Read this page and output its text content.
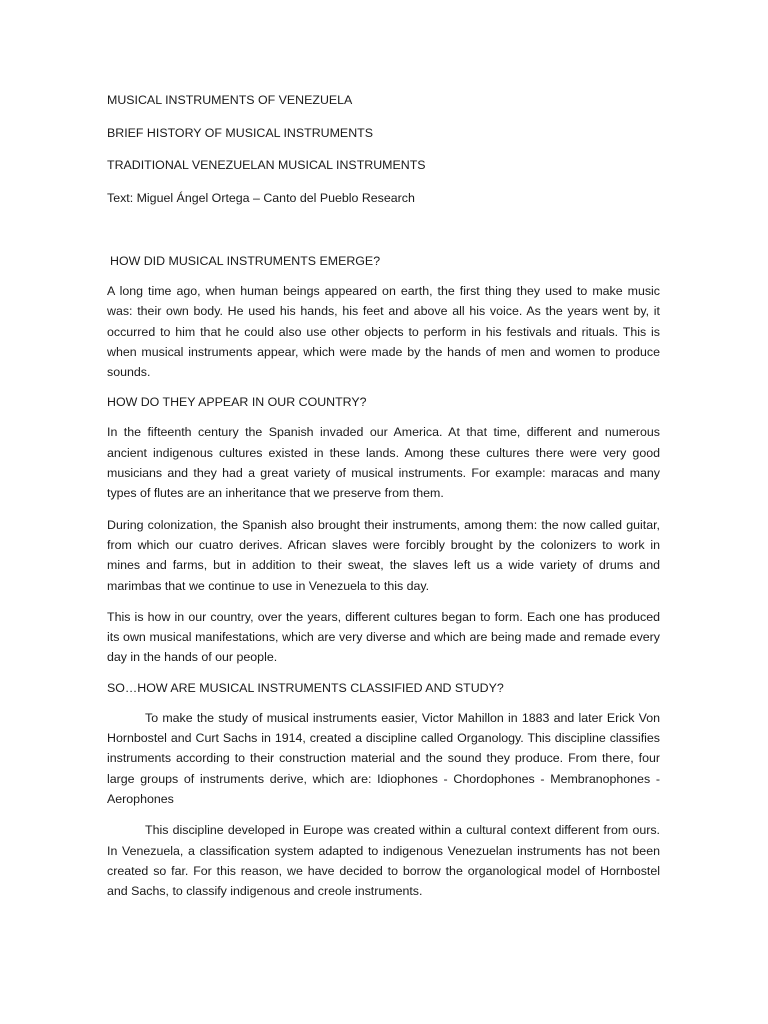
MUSICAL INSTRUMENTS OF VENEZUELA
BRIEF HISTORY OF MUSICAL INSTRUMENTS
TRADITIONAL VENEZUELAN MUSICAL INSTRUMENTS
Text: Miguel Ángel Ortega – Canto del Pueblo Research
HOW DID MUSICAL INSTRUMENTS EMERGE?

A long time ago, when human beings appeared on earth, the first thing they used to make music was: their own body. He used his hands, his feet and above all his voice. As the years went by, it occurred to him that he could also use other objects to perform in his festivals and rituals. This is when musical instruments appear, which were made by the hands of men and women to produce sounds.

HOW DO THEY APPEAR IN OUR COUNTRY?

In the fifteenth century the Spanish invaded our America. At that time, different and numerous ancient indigenous cultures existed in these lands. Among these cultures there were very good musicians and they had a great variety of musical instruments. For example: maracas and many types of flutes are an inheritance that we preserve from them.

During colonization, the Spanish also brought their instruments, among them: the now called guitar, from which our cuatro derives. African slaves were forcibly brought by the colonizers to work in mines and farms, but in addition to their sweat, the slaves left us a wide variety of drums and marimbas that we continue to use in Venezuela to this day.

This is how in our country, over the years, different cultures began to form. Each one has produced its own musical manifestations, which are very diverse and which are being made and remade every day in the hands of our people.

SO…HOW ARE MUSICAL INSTRUMENTS CLASSIFIED AND STUDY?

To make the study of musical instruments easier, Victor Mahillon in 1883 and later Erick Von Hornbostel and Curt Sachs in 1914, created a discipline called Organology. This discipline classifies instruments according to their construction material and the sound they produce. From there, four large groups of instruments derive, which are: Idiophones - Chordophones - Membranophones - Aerophones

This discipline developed in Europe was created within a cultural context different from ours. In Venezuela, a classification system adapted to indigenous Venezuelan instruments has not been created so far. For this reason, we have decided to borrow the organological model of Hornbostel and Sachs, to classify indigenous and creole instruments.
